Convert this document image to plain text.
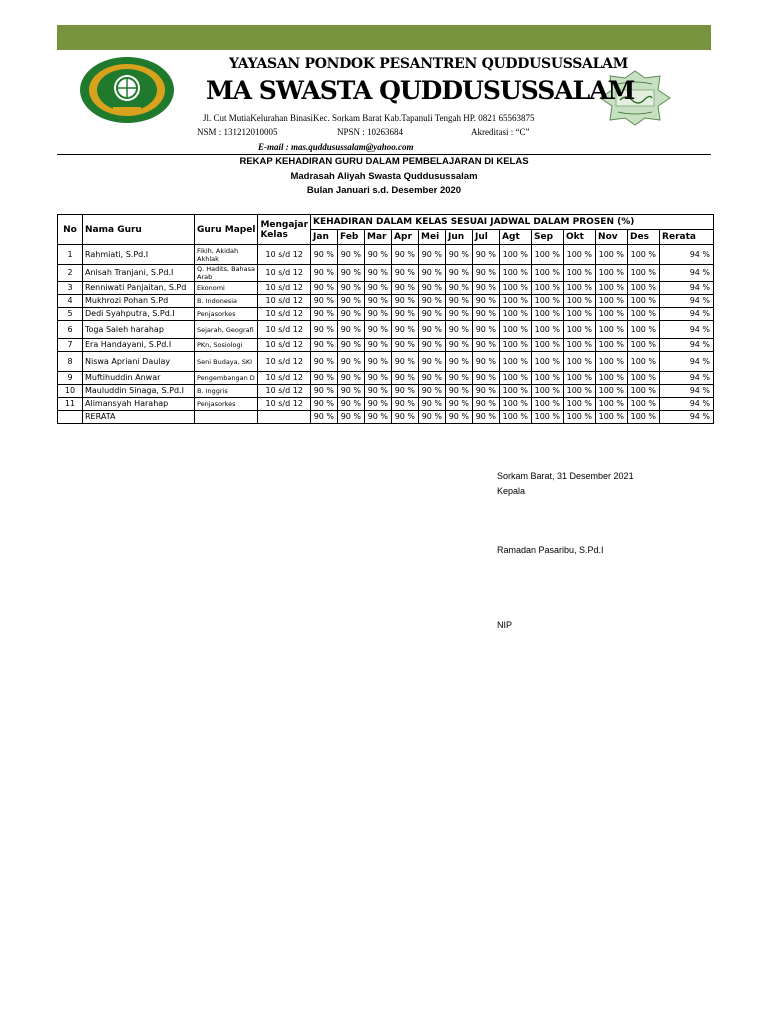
YAYASAN PONDOK PESANTREN QUDDUSUSSALAM
MA SWASTA QUDDUSUSSALAM
Jl. Cut MutiaKelurahan BinasiKec. Sorkam Barat Kab.Tapanuli Tengah HP. 0821 65563875
NSM : 131212010005	NPSN : 10263684	Akreditasi : “C”
E-mail : mas.quddusussalam@yahoo.com
REKAP KEHADIRAN GURU DALAM PEMBELAJARAN DI KELAS
Madrasah Aliyah Swasta Quddusussalam
Bulan Januari s.d. Desember 2020
No	Nama Guru	Guru Mapel	Mengajar Kelas	KEHADIRAN DALAM KELAS SESUAI JADWAL DALAM PROSEN (%)												
				Jan	Feb	Mar	Apr	Mei	Jun	Jul	Agt	Sep	Okt	Nov	Des	Rerata
1	Rahmiati, S.Pd.I	Fikih, Akidah Akhlak	10 s/d 12	90 %	90 %	90 %	90 %	90 %	90 %	90 %	100 %	100 %	100 %	100 %	100 %	94 %
2	Anisah Tranjani, S.Pd.I	Q. Hadits, Bahasa Arab	10 s/d 12	90 %	90 %	90 %	90 %	90 %	90 %	90 %	100 %	100 %	100 %	100 %	100 %	94 %
3	Renniwati Panjaitan, S.Pd	Ekonomi	10 s/d 12	90 %	90 %	90 %	90 %	90 %	90 %	90 %	100 %	100 %	100 %	100 %	100 %	94 %
4	Mukhrozi Pohan S.Pd	B. Indonesia	10 s/d 12	90 %	90 %	90 %	90 %	90 %	90 %	90 %	100 %	100 %	100 %	100 %	100 %	94 %
5	Dedi Syahputra, S.Pd.I	Penjasorkes	10 s/d 12	90 %	90 %	90 %	90 %	90 %	90 %	90 %	100 %	100 %	100 %	100 %	100 %	94 %
6	Toga Saleh harahap	Sejarah, Geografi	10 s/d 12	90 %	90 %	90 %	90 %	90 %	90 %	90 %	100 %	100 %	100 %	100 %	100 %	94 %
7	Era Handayani, S.Pd.I	PKn, Sosiologi	10 s/d 12	90 %	90 %	90 %	90 %	90 %	90 %	90 %	100 %	100 %	100 %	100 %	100 %	94 %
8	Niswa Apriani Daulay	Seni Budaya, SKI	10 s/d 12	90 %	90 %	90 %	90 %	90 %	90 %	90 %	100 %	100 %	100 %	100 %	100 %	94 %
9	Muftihuddin Anwar	Pengembangan D	10 s/d 12	90 %	90 %	90 %	90 %	90 %	90 %	90 %	100 %	100 %	100 %	100 %	100 %	94 %
10	Mauluddin Sinaga, S.Pd.I	B. Inggris	10 s/d 12	90 %	90 %	90 %	90 %	90 %	90 %	90 %	100 %	100 %	100 %	100 %	100 %	94 %
11	Alimansyah Harahap	Penjasorkes	10 s/d 12	90 %	90 %	90 %	90 %	90 %	90 %	90 %	100 %	100 %	100 %	100 %	100 %	94 %
	RERATA			90 %	90 %	90 %	90 %	90 %	90 %	90 %	100 %	100 %	100 %	100 %	100 %	94 %
Sorkam Barat, 31 Desember 2021
Kepala
Ramadan Pasaribu, S.Pd.I
NIP
